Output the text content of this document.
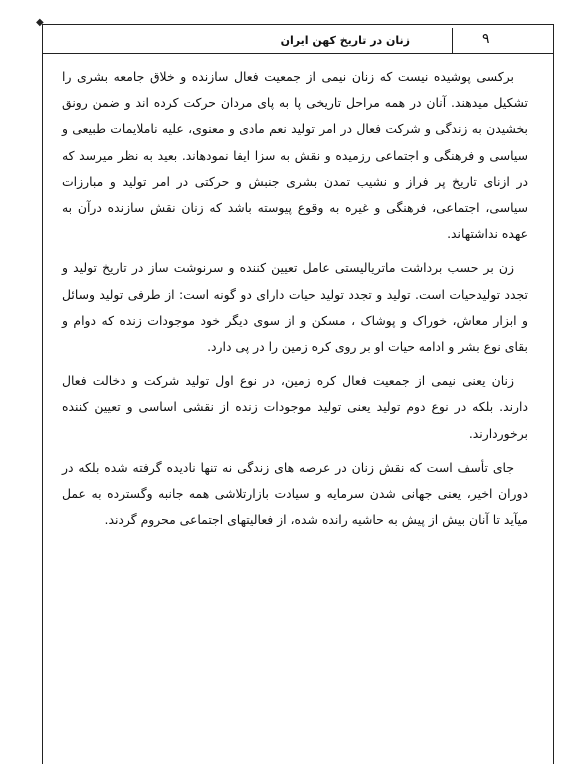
◆
۹
زنان در تاریخ کهن ایران

برکسی پوشیده نیست که زنان نیمی از جمعیت فعال سازنده و خلاق جامعه بشری را تشکیل میدهند. آنان در همه مراحل تاریخی پا به پای مردان حرکت کرده اند و ضمن رونق بخشیدن به زندگی و شرکت فعال در امر تولید نعم مادی و معنوی، علیه ناملایمات طبیعی و سیاسی و فرهنگی و اجتماعی رزمیده و نقش به سزا ایفا نمودهاند. بعید به نظر میرسد که در ازنای تاریخ پر فراز و نشیب تمدن بشری جنبش و حرکتی در امر تولید و مبارزات سیاسی، اجتماعی، فرهنگی و غیره به وقوع پیوسته باشد که زنان نقش سازنده درآن به عهده نداشتهاند.

زن بر حسب برداشت ماتریالیستی عامل تعیین کننده و سرنوشت ساز در تاریخ تولید و تجدد تولیدحیات است. تولید و تجدد تولید حیات دارای دو گونه است: از طرفی تولید وسائل و ابزار معاش، خوراک و پوشاک ، مسکن و از سوی دیگر خود موجودات زنده که دوام و بقای نوع بشر و ادامه حیات او بر روی کره زمین را در پی دارد.

زنان یعنی نیمی از جمعیت فعال کره زمین، در نوع اول تولید شرکت و دخالت فعال دارند. بلکه در نوع دوم تولید یعنی تولید موجودات زنده از نقشی اساسی و تعیین کننده برخوردارند.

جای تأسف است که نقش زنان در عرصه های زندگی نه تنها نادیده گرفته شده بلکه در دوران اخیر، یعنی جهانی شدن سرمایه و سیادت بازارتلاشی همه جانبه وگسترده به عمل میآید تا آنان بیش از پیش به حاشیه رانده شده، از فعالیتهای اجتماعی محروم گردند.
